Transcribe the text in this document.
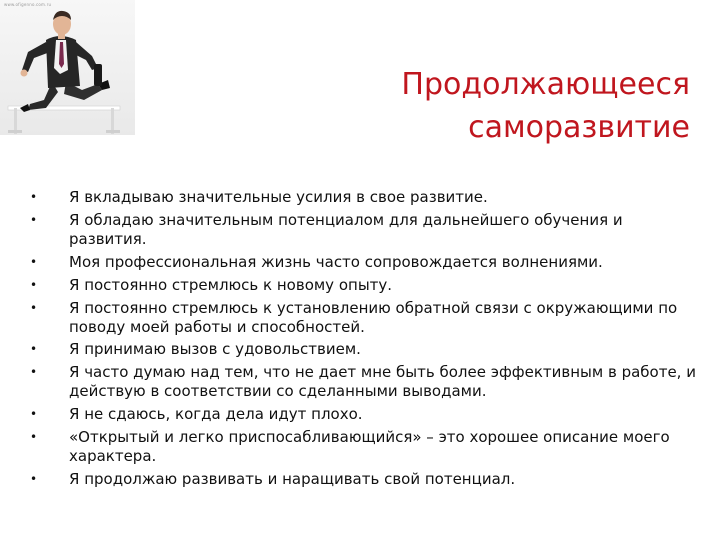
www.ofigenno.com.ru
Продолжающееся
саморазвитие
• Я вкладываю значительные усилия в свое развитие.
• Я обладаю значительным потенциалом для дальнейшего обучения и развития.
• Моя профессиональная жизнь часто сопровождается волнениями.
• Я постоянно стремлюсь к новому опыту.
• Я постоянно стремлюсь к установлению обратной связи с окружающими по поводу моей работы и способностей.
• Я принимаю вызов с удовольствием.
• Я часто думаю над тем, что не дает мне быть более эффективным в работе, и действую в соответствии со сделанными выводами.
• Я не сдаюсь, когда дела идут плохо.
• «Открытый и легко приспосабливающийся» – это хорошее описание моего характера.
• Я продолжаю развивать и наращивать свой потенциал.
